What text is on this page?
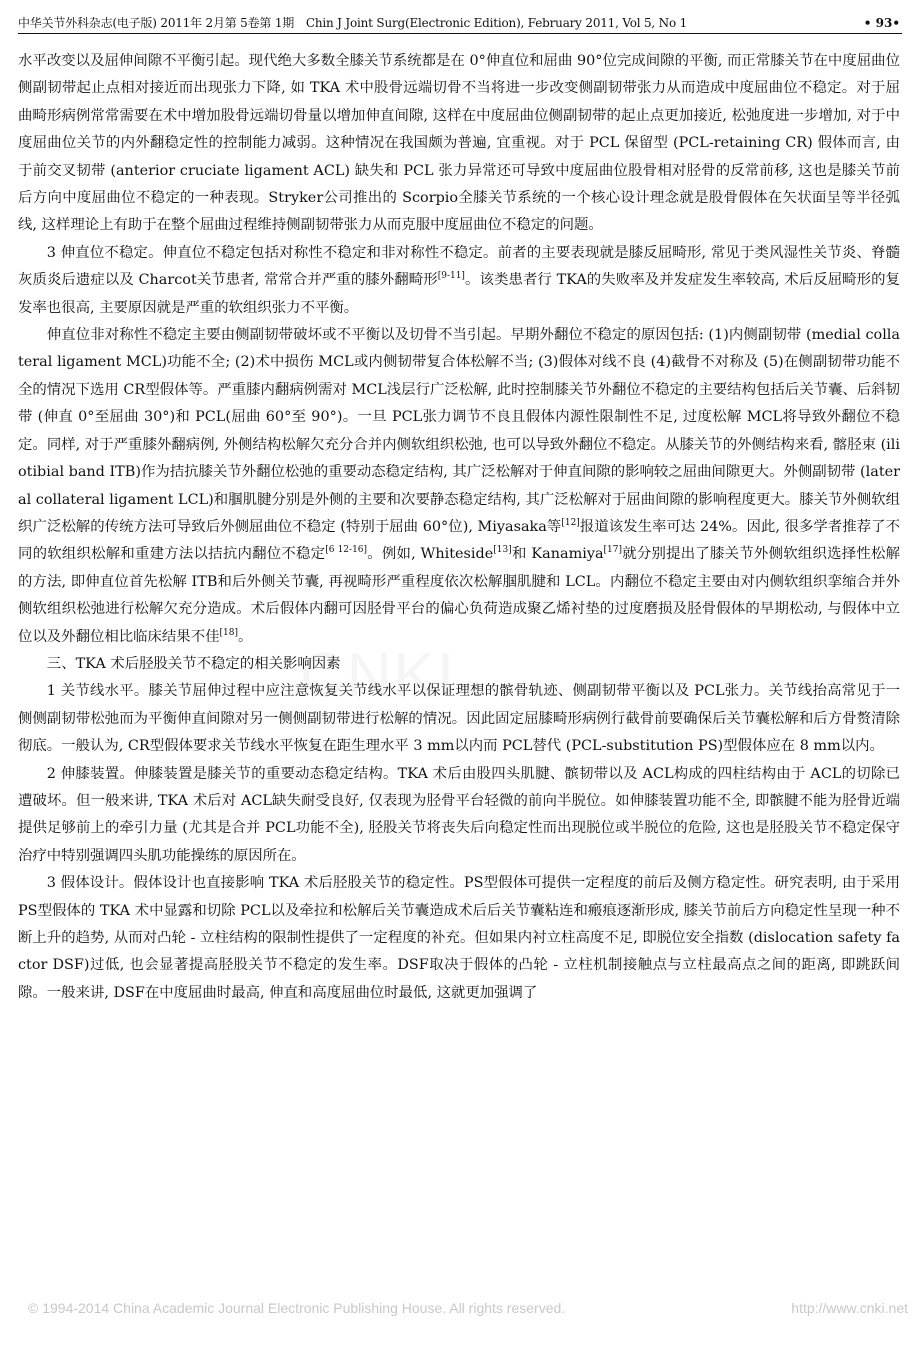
中华关节外科杂志(电子版) 2011年 2月第 5卷第 1期　Chin J Joint Surg(Electronic Edition), February 2011, Vol 5, No 1	• 93•
CNKI

水平改变以及屈伸间隙不平衡引起。现代绝大多数全膝关节系统都是在 0°伸直位和屈曲 90°位完成间隙的平衡, 而正常膝关节在中度屈曲位侧副韧带起止点相对接近而出现张力下降, 如 TKA 术中股骨远端切骨不当将进一步改变侧副韧带张力从而造成中度屈曲位不稳定。对于屈曲畸形病例常常需要在术中增加股骨远端切骨量以增加伸直间隙, 这样在中度屈曲位侧副韧带的起止点更加接近, 松弛度进一步增加, 对于中度屈曲位关节的内外翻稳定性的控制能力减弱。这种情况在我国颇为普遍, 宜重视。对于 PCL 保留型 (PCL-retaining CR) 假体而言, 由于前交叉韧带 (anterior cruciate ligament ACL) 缺失和 PCL 张力异常还可导致中度屈曲位股骨相对胫骨的反常前移, 这也是膝关节前后方向中度屈曲位不稳定的一种表现。Stryker公司推出的 Scorpio全膝关节系统的一个核心设计理念就是股骨假体在矢状面呈等半径弧线, 这样理论上有助于在整个屈曲过程维持侧副韧带张力从而克服中度屈曲位不稳定的问题。

3 伸直位不稳定。伸直位不稳定包括对称性不稳定和非对称性不稳定。前者的主要表现就是膝反屈畸形, 常见于类风湿性关节炎、脊髓灰质炎后遗症以及 Charcot关节患者, 常常合并严重的膝外翻畸形[9-11]。该类患者行 TKA的失败率及并发症发生率较高, 术后反屈畸形的复发率也很高, 主要原因就是严重的软组织张力不平衡。

伸直位非对称性不稳定主要由侧副韧带破坏或不平衡以及切骨不当引起。早期外翻位不稳定的原因包括: (1)内侧副韧带 (medial collateral ligament MCL)功能不全; (2)术中损伤 MCL或内侧韧带复合体松解不当; (3)假体对线不良 (4)截骨不对称及 (5)在侧副韧带功能不全的情况下选用 CR型假体等。严重膝内翻病例需对 MCL浅层行广泛松解, 此时控制膝关节外翻位不稳定的主要结构包括后关节囊、后斜韧带 (伸直 0°至屈曲 30°)和 PCL(屈曲 60°至 90°)。一旦 PCL张力调节不良且假体内源性限制性不足, 过度松解 MCL将导致外翻位不稳定。同样, 对于严重膝外翻病例, 外侧结构松解欠充分合并内侧软组织松弛, 也可以导致外翻位不稳定。从膝关节的外侧结构来看, 髂胫束 (iliotibial band ITB)作为拮抗膝关节外翻位松弛的重要动态稳定结构, 其广泛松解对于伸直间隙的影响较之屈曲间隙更大。外侧副韧带 (lateral collateral ligament LCL)和腘肌腱分别是外侧的主要和次要静态稳定结构, 其广泛松解对于屈曲间隙的影响程度更大。膝关节外侧软组织广泛松解的传统方法可导致后外侧屈曲位不稳定 (特别于屈曲 60°位), Miyasaka等[12]报道该发生率可达 24%。因此, 很多学者推荐了不同的软组织松解和重建方法以拮抗内翻位不稳定[6 12-16]。例如, Whiteside[13]和 Kanamiya[17]就分别提出了膝关节外侧软组织选择性松解的方法, 即伸直位首先松解 ITB和后外侧关节囊, 再视畸形严重程度依次松解腘肌腱和 LCL。内翻位不稳定主要由对内侧软组织挛缩合并外侧软组织松弛进行松解欠充分造成。术后假体内翻可因胫骨平台的偏心负荷造成聚乙烯衬垫的过度磨损及胫骨假体的早期松动, 与假体中立位以及外翻位相比临床结果不佳[18]。

三、TKA 术后胫股关节不稳定的相关影响因素

1 关节线水平。膝关节屈伸过程中应注意恢复关节线水平以保证理想的髌骨轨迹、侧副韧带平衡以及 PCL张力。关节线抬高常见于一侧侧副韧带松弛而为平衡伸直间隙对另一侧侧副韧带进行松解的情况。因此固定屈膝畸形病例行截骨前要确保后关节囊松解和后方骨赘清除彻底。一般认为, CR型假体要求关节线水平恢复在距生理水平 3 mm以内而 PCL替代 (PCL-substitution PS)型假体应在 8 mm以内。

2 伸膝装置。伸膝装置是膝关节的重要动态稳定结构。TKA 术后由股四头肌腱、髌韧带以及 ACL构成的四柱结构由于 ACL的切除已遭破坏。但一般来讲, TKA 术后对 ACL缺失耐受良好, 仅表现为胫骨平台轻微的前向半脱位。如伸膝装置功能不全, 即髌腱不能为胫骨近端提供足够前上的牵引力量 (尤其是合并 PCL功能不全), 胫股关节将丧失后向稳定性而出现脱位或半脱位的危险, 这也是胫股关节不稳定保守治疗中特别强调四头肌功能操练的原因所在。

3 假体设计。假体设计也直接影响 TKA 术后胫股关节的稳定性。PS型假体可提供一定程度的前后及侧方稳定性。研究表明, 由于采用 PS型假体的 TKA 术中显露和切除 PCL以及牵拉和松解后关节囊造成术后后关节囊粘连和瘢痕逐渐形成, 膝关节前后方向稳定性呈现一种不断上升的趋势, 从而对凸轮 - 立柱结构的限制性提供了一定程度的补充。但如果内衬立柱高度不足, 即脱位安全指数 (dislocation safety factor DSF)过低, 也会显著提高胫股关节不稳定的发生率。DSF取决于假体的凸轮 - 立柱机制接触点与立柱最高点之间的距离, 即跳跃间隙。一般来讲, DSF在中度屈曲时最高, 伸直和高度屈曲位时最低, 这就更加强调了

© 1994-2014 China Academic Journal Electronic Publishing House. All rights reserved.	http://www.cnki.net
